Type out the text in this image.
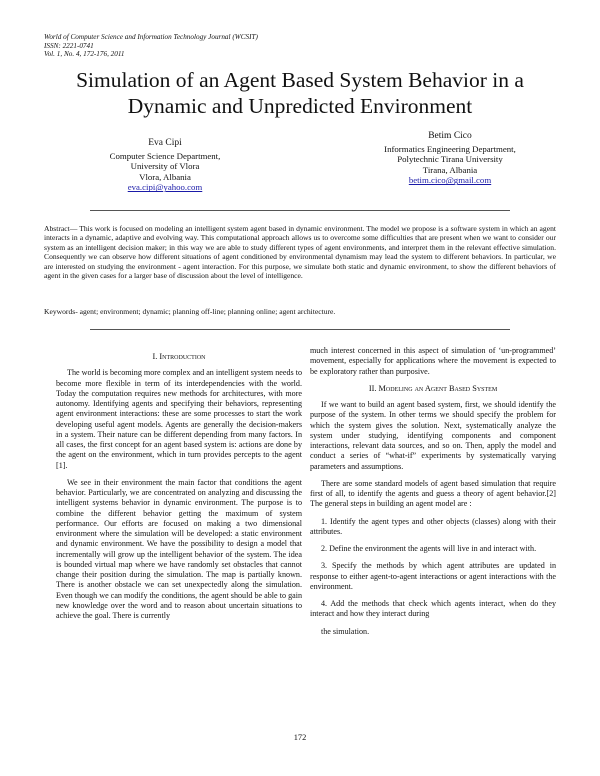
World of Computer Science and Information Technology Journal (WCSIT)
ISSN: 2221-0741
Vol. 1, No. 4, 172-176, 2011
Simulation of an Agent Based System Behavior in a
Dynamic and Unpredicted Environment
Eva Cipi
Computer Science Department,
University of Vlora
Vlora, Albania
eva.cipi@yahoo.com
Betim Cico
Informatics Engineering Department,
Polytechnic Tirana University
Tirana, Albania
betim.cico@gmail.com
Abstract— This work is focused on modeling an intelligent system agent based in dynamic environment. The model we propose is a software system in which an agent interacts in a dynamic, adaptive and evolving way. This computational approach allows us to overcome some difficulties that are present when we want to consider our system as an intelligent decision maker; in this way we are able to study different types of agent environments, and interpret them in the relevant effective simulation. Consequently we can observe how different situations of agent conditioned by environmental dynamism may lead the system to different behaviors. In particular, we are interested on studying the environment - agent interaction. For this purpose, we simulate both static and dynamic environment, to show the different behaviors of agent in the given cases for a larger base of discussion about the level of intelligence.
Keywords- agent; environment; dynamic; planning off-line; planning online; agent architecture.
I. Introduction

The world is becoming more complex and an intelligent system needs to become more flexible in term of its interdependencies with the world. Today the computation requires new methods for architectures, with more autonomy. Identifying agents and specifying their behaviors, representing agent environment interactions: these are some processes to start the work developing useful agent models. Agents are generally the decision-makers in a system. Their nature can be different depending from many factors. In all cases, the first concept for an agent based system is: actions are done by the agent on the environment, which in turn provides percepts to the agent [1].

We see in their environment the main factor that conditions the agent behavior. Particularly, we are concentrated on analyzing and discussing the intelligent systems behavior in dynamic environment. The purpose is to combine the different behavior getting the maximum of system performance. Our efforts are focused on making a two dimensional environment where the simulation will be developed: a static environment and dynamic environment. We have the possibility to design a model that incrementally will grow up the intelligent behavior of the system. The idea is bounded virtual map where we have randomly set obstacles that cannot change their position during the simulation. The map is partially known. There is another obstacle we can set unexpectedly along the simulation. Even though we can modify the conditions, the agent should be able to gain new knowledge over the word and to reason about uncertain situations to achieve the goal. There is currently

much interest concerned in this aspect of simulation of ‘un-programmed’ movement, especially for applications where the movement is expected to be exploratory rather than purposive.

II. Modeling an Agent Based System

If we want to build an agent based system, first, we should identify the purpose of the system. In other terms we should specify the problem for which the system gives the solution. Next, systematically analyze the system under studying, identifying components and component interactions, relevant data sources, and so on. Then, apply the model and conduct a series of “what-if” experiments by systematically varying parameters and assumptions.

There are some standard models of agent based simulation that require first of all, to identify the agents and guess a theory of agent behavior.[2] The general steps in building an agent model are :

1. Identify the agent types and other objects (classes) along with their attributes.

2. Define the environment the agents will live in and interact with.

3. Specify the methods by which agent attributes are updated in response to either agent-to-agent interactions or agent interactions with the environment.

4. Add the methods that check which agents interact, when do they interact and how they interact during

the simulation.

172
